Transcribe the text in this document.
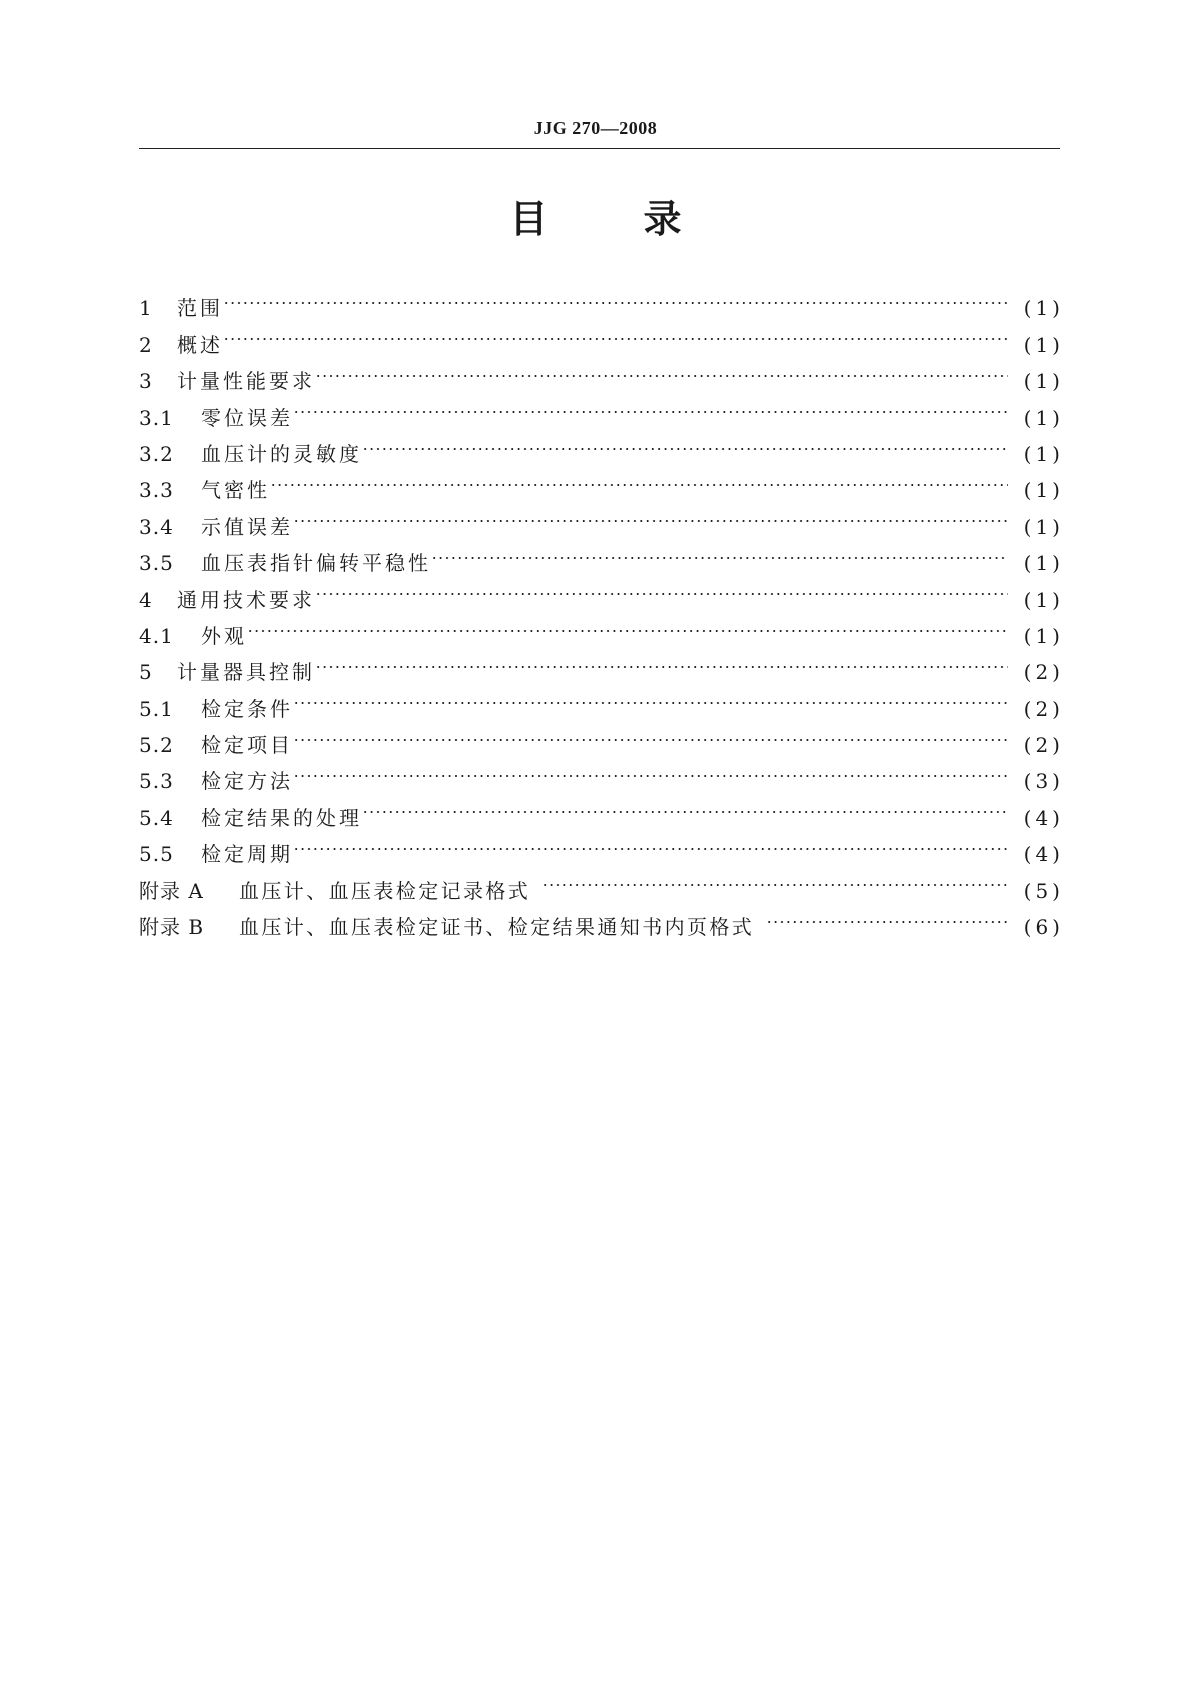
JJG 270—2008
目	录
1	范围	(1)
2	概述	(1)
3	计量性能要求	(1)
3.1	零位误差	(1)
3.2	血压计的灵敏度	(1)
3.3	气密性	(1)
3.4	示值误差	(1)
3.5	血压表指针偏转平稳性	(1)
4	通用技术要求	(1)
4.1	外观	(1)
5	计量器具控制	(2)
5.1	检定条件	(2)
5.2	检定项目	(2)
5.3	检定方法	(3)
5.4	检定结果的处理	(4)
5.5	检定周期	(4)
附录 A	血压计、血压表检定记录格式	(5)
附录 B	血压计、血压表检定证书、检定结果通知书内页格式	(6)
